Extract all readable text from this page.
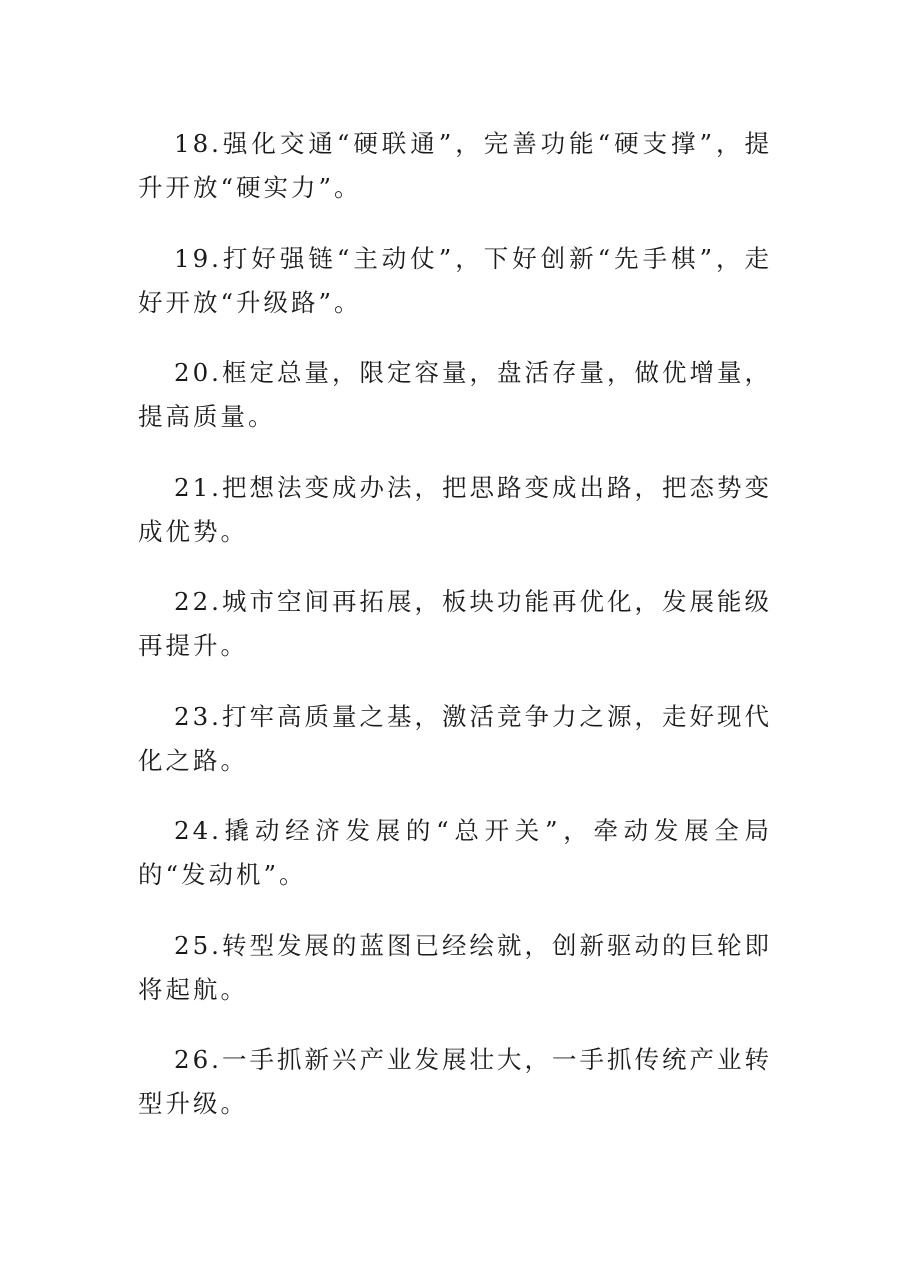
18.强化交通“硬联通”，完善功能“硬支撑”，提升开放“硬实力”。

19.打好强链“主动仗”，下好创新“先手棋”，走好开放“升级路”。

20.框定总量，限定容量，盘活存量，做优增量，提高质量。

21.把想法变成办法，把思路变成出路，把态势变成优势。

22.城市空间再拓展，板块功能再优化，发展能级再提升。

23.打牢高质量之基，激活竞争力之源，走好现代化之路。

24.撬动经济发展的“总开关”，牵动发展全局的“发动机”。

25.转型发展的蓝图已经绘就，创新驱动的巨轮即将起航。

26.一手抓新兴产业发展壮大，一手抓传统产业转型升级。
